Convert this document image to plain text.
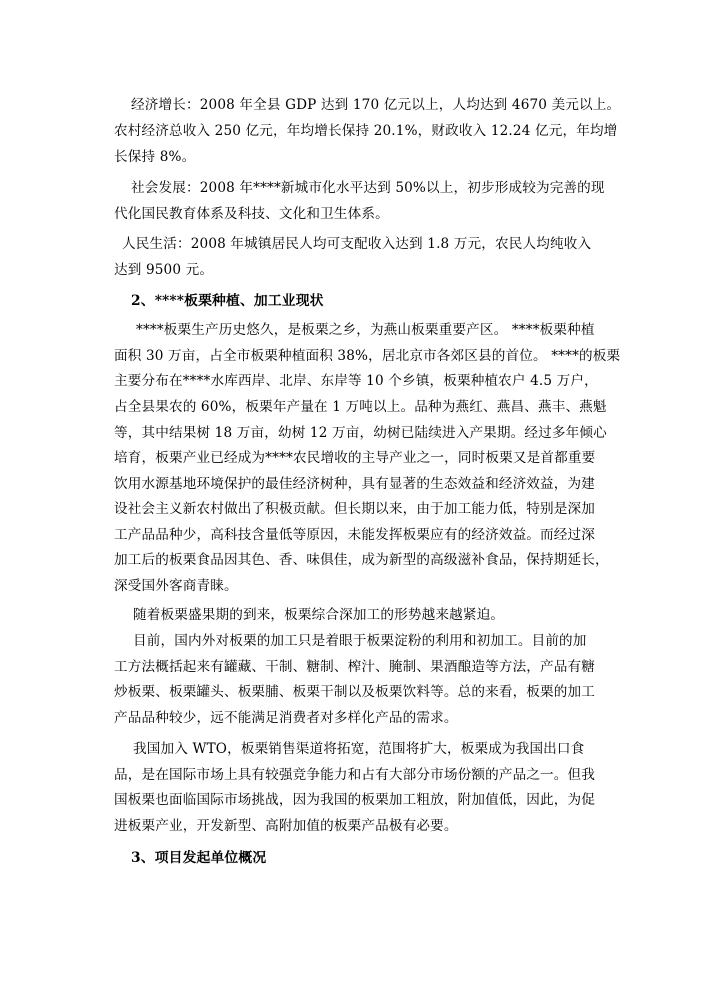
经济增长：2008 年全县 GDP 达到 170 亿元以上，人均达到 4670 美元以上。
农村经济总收入 250 亿元，年均增长保持 20.1%，财政收入 12.24 亿元，年均增
长保持 8%。
社会发展：2008 年****新城市化水平达到 50%以上，初步形成较为完善的现
代化国民教育体系及科技、文化和卫生体系。
人民生活：2008 年城镇居民人均可支配收入达到 1.8 万元，农民人均纯收入
达到 9500 元。
2、****板栗种植、加工业现状
****板栗生产历史悠久，是板栗之乡，为燕山板栗重要产区。 ****板栗种植
面积 30 万亩，占全市板栗种植面积 38%，居北京市各郊区县的首位。 ****的板栗
主要分布在****水库西岸、北岸、东岸等 10 个乡镇，板栗种植农户 4.5 万户，
占全县果农的 60%，板栗年产量在 1 万吨以上。品种为燕红、燕昌、燕丰、燕魁
等，其中结果树 18 万亩，幼树 12 万亩，幼树已陆续进入产果期。经过多年倾心
培育，板栗产业已经成为****农民增收的主导产业之一，同时板栗又是首都重要
饮用水源基地环境保护的最佳经济树种，具有显著的生态效益和经济效益，为建
设社会主义新农村做出了积极贡献。但长期以来，由于加工能力低，特别是深加
工产品品种少，高科技含量低等原因，未能发挥板栗应有的经济效益。而经过深
加工后的板栗食品因其色、香、味俱佳，成为新型的高级滋补食品，保持期延长，
深受国外客商青睐。
随着板栗盛果期的到来，板栗综合深加工的形势越来越紧迫。
目前，国内外对板栗的加工只是着眼于板栗淀粉的利用和初加工。目前的加
工方法概括起来有罐藏、干制、糖制、榨汁、腌制、果酒酿造等方法，产品有糖
炒板栗、板栗罐头、板栗脯、板栗干制以及板栗饮料等。总的来看，板栗的加工
产品品种较少，远不能满足消费者对多样化产品的需求。
我国加入 WTO，板栗销售渠道将拓宽，范围将扩大，板栗成为我国出口食
品，是在国际市场上具有较强竞争能力和占有大部分市场份额的产品之一。但我
国板栗也面临国际市场挑战，因为我国的板栗加工粗放，附加值低，因此，为促
进板栗产业，开发新型、高附加值的板栗产品极有必要。
3、项目发起单位概况
